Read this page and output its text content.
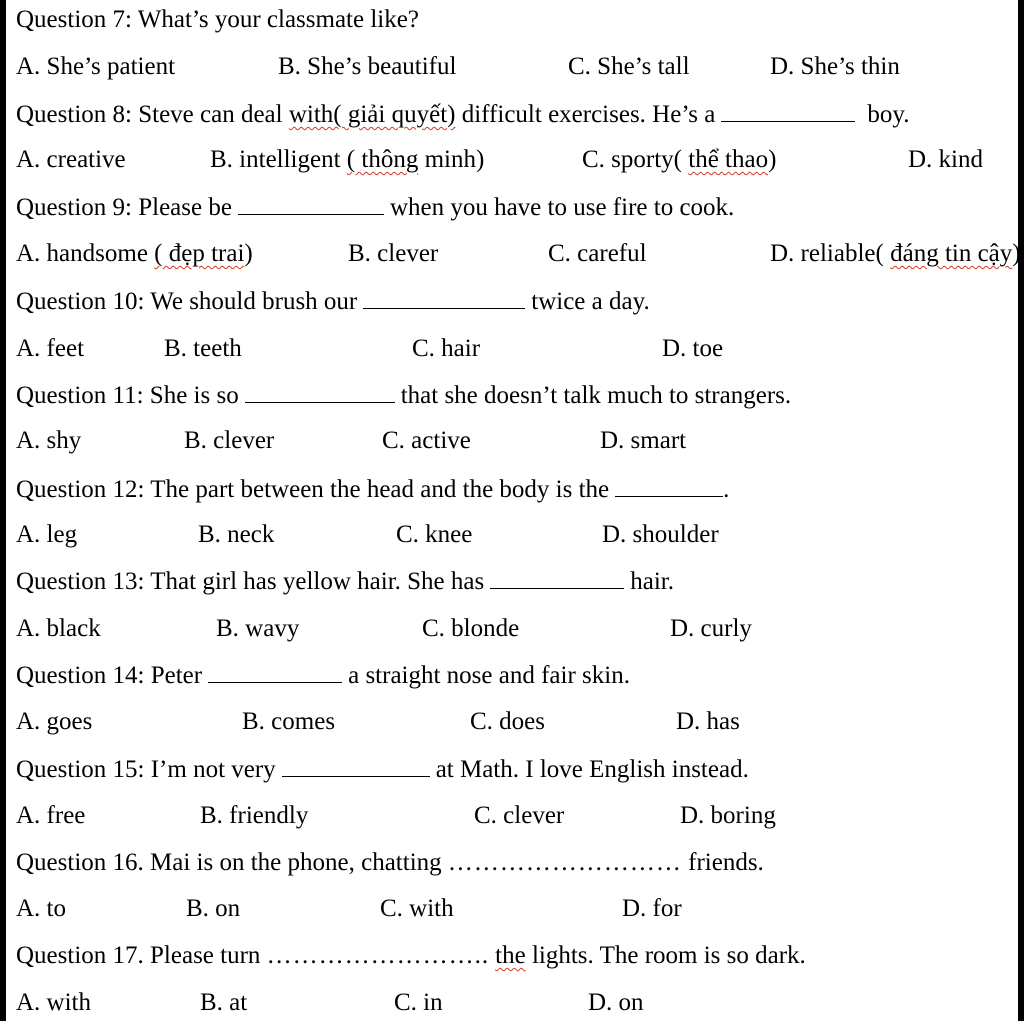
Question 7: What’s your classmate like?
A. She’s patient	B. She’s beautiful	C. She’s tall	D. She’s thin
Question 8: Steve can deal with( giải quyết) difficult exercises. He’s a	boy.
A. creative	B. intelligent ( thông minh)	C. sporty( thể thao)	D. kind
Question 9: Please be	when you have to use fire to cook.
A. handsome ( đẹp trai)	B. clever	C. careful	D. reliable( đáng tin cậy)
Question 10: We should brush our	twice a day.
A. feet	B. teeth	C. hair	D. toe
Question 11: She is so	that she doesn’t talk much to strangers.
A. shy	B. clever	C. active	D. smart
Question 12: The part between the head and the body is the	.
A. leg	B. neck	C. knee	D. shoulder
Question 13: That girl has yellow hair. She has	hair.
A. black	B. wavy	C. blonde	D. curly
Question 14: Peter	a straight nose and fair skin.
A. goes	B. comes	C. does	D. has
Question 15: I’m not very	at Math. I love English instead.
A. free	B. friendly	C. clever	D. boring
Question 16. Mai is on the phone, chatting ……………………… friends.
A. to	B. on	C. with	D. for
Question 17. Please turn …………………….. the lights. The room is so dark.
A. with	B. at	C. in	D. on
